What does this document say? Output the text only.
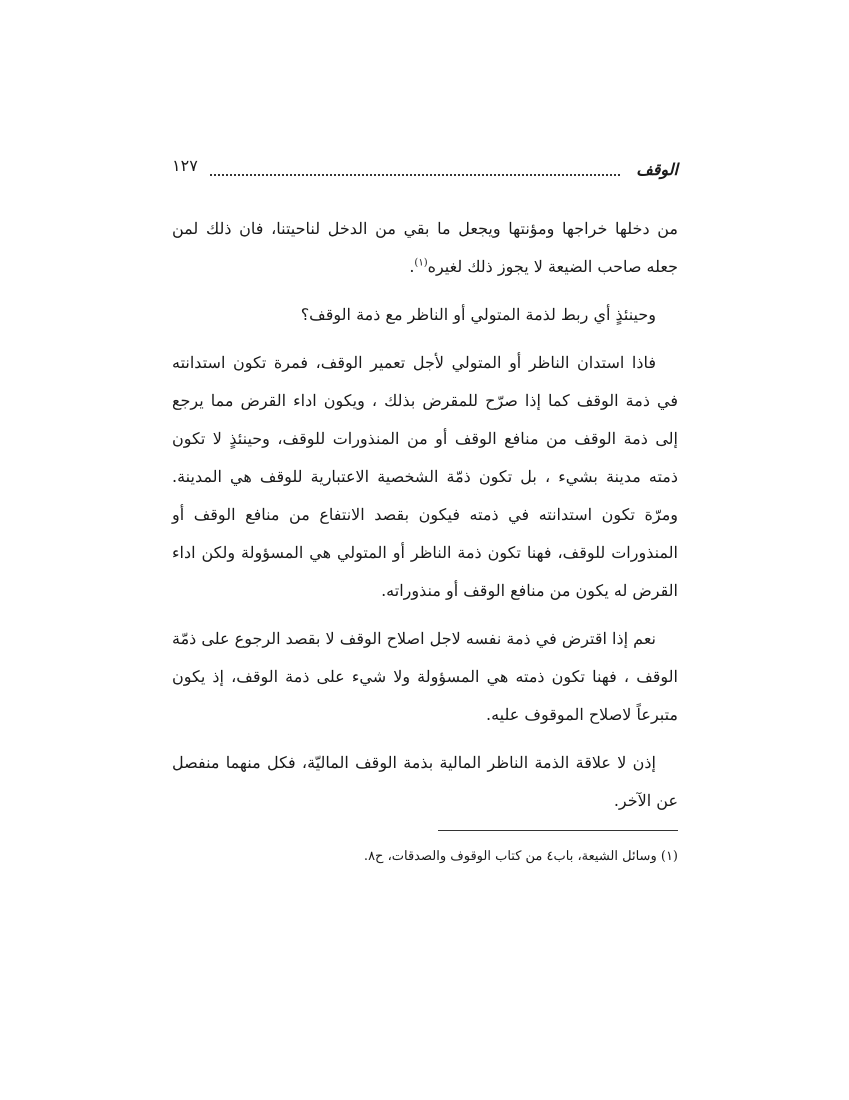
الوقف
١٢٧

من دخلها خراجها ومؤنتها ويجعل ما بقي من الدخل لناحيتنا، فان ذلك لمن جعله صاحب الضيعة لا يجوز ذلك لغيره$^{(١)}$.

وحينئذٍ أي ربط لذمة المتولي أو الناظر مع ذمة الوقف؟

فاذا استدان الناظر أو المتولي لأجل تعمير الوقف، فمرة تكون استدانته في ذمة الوقف كما إذا صرّح للمقرض بذلك ، ويكون اداء القرض مما يرجع إلى ذمة الوقف من منافع الوقف أو من المنذورات للوقف، وحينئذٍ لا تكون ذمته مدينة بشيء ، بل تكون ذمّة الشخصية الاعتبارية للوقف هي المدينة. ومرّة تكون استدانته في ذمته فيكون بقصد الانتفاع من منافع الوقف أو المنذورات للوقف، فهنا تكون ذمة الناظر أو المتولي هي المسؤولة ولكن اداء القرض له يكون من منافع الوقف أو منذوراته.

نعم إذا اقترض في ذمة نفسه لاجل اصلاح الوقف لا بقصد الرجوع على ذمّة الوقف ، فهنا تكون ذمته هي المسؤولة ولا شيء على ذمة الوقف، إذ يكون متبرعاً لاصلاح الموقوف عليه.

إذن لا علاقة الذمة الناظر المالية بذمة الوقف الماليّة، فكل منهما منفصل عن الآخر.

(١) وسائل الشيعة، باب٤ من كتاب الوقوف والصدقات، ح٨.
